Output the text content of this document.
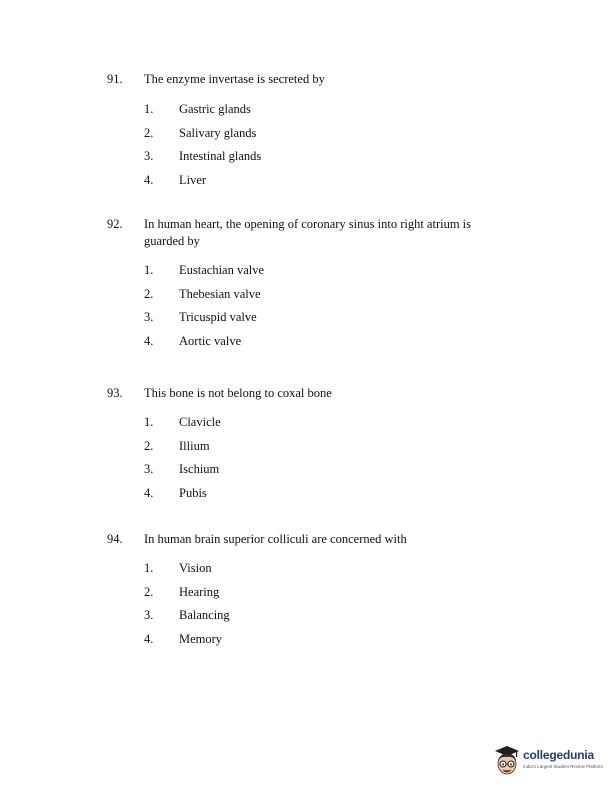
91. The enzyme invertase is secreted by
1. Gastric glands
2. Salivary glands
3. Intestinal glands
4. Liver
92. In human heart, the opening of coronary sinus into right atrium is guarded by
1. Eustachian valve
2. Thebesian valve
3. Tricuspid valve
4. Aortic valve
93. This bone is not belong to coxal bone
1. Clavicle
2. Illium
3. Ischium
4. Pubis
94. In human brain superior colliculi are concerned with
1. Vision
2. Hearing
3. Balancing
4. Memory
collegedunia
India's Largest Student Review Platform
